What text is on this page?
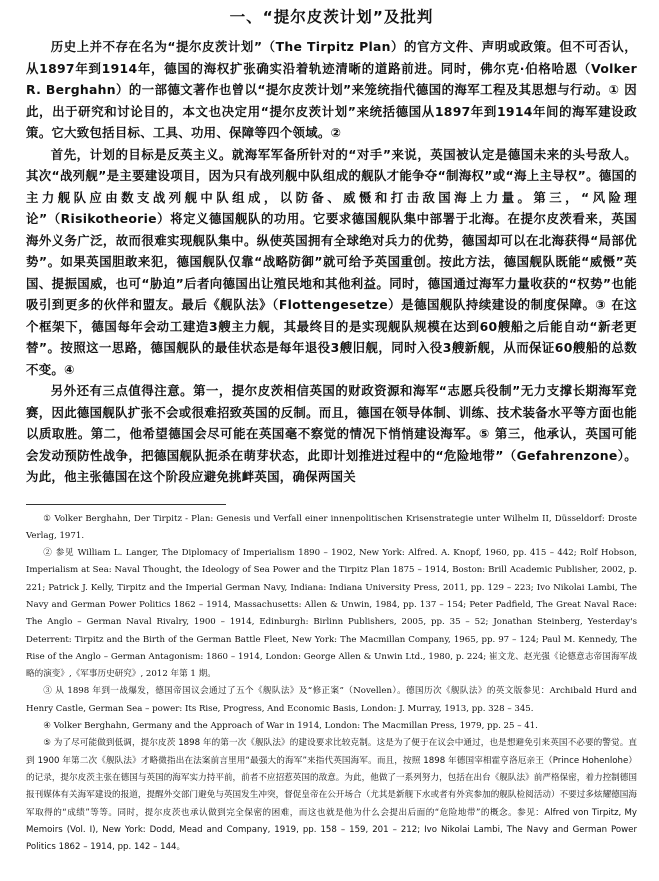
一、“提尔皮茨计划”及批判

历史上并不存在名为“提尔皮茨计划”（The Tirpitz Plan）的官方文件、声明或政策。但不可否认，从1897年到1914年，德国的海权扩张确实沿着轨迹清晰的道路前进。同时，佛尔克·伯格哈恩（Volker R. Berghahn）的一部德文著作也曾以“提尔皮茨计划”来笼统指代德国的海军工程及其思想与行动。① 因此，出于研究和讨论目的，本文也决定用“提尔皮茨计划”来统括德国从1897年到1914年间的海军建设政策。它大致包括目标、工具、功用、保障等四个领域。②

首先，计划的目标是反英主义。就海军军备所针对的“对手”来说，英国被认定是德国未来的头号敌人。其次“战列舰”是主要建设项目，因为只有战列舰中队组成的舰队才能争夺“制海权”或“海上主导权”。德国的主力舰队应由数支战列舰中队组成，以防备、威慑和打击敌国海上力量。第三，“风险理论”（Risikotheorie）将定义德国舰队的功用。它要求德国舰队集中部署于北海。在提尔皮茨看来，英国海外义务广泛，故而很难实现舰队集中。纵使英国拥有全球绝对兵力的优势，德国却可以在北海获得“局部优势”。如果英国胆敢来犯，德国舰队仅靠“战略防御”就可给予英国重创。按此方法，德国舰队既能“威慑”英国、提振国威，也可“胁迫”后者向德国出让殖民地和其他利益。同时，德国通过海军力量收获的“权势”也能吸引到更多的伙伴和盟友。最后《舰队法》（Flottengesetze）是德国舰队持续建设的制度保障。③ 在这个框架下，德国每年会动工建造3艘主力舰，其最终目的是实现舰队规模在达到60艘船之后能自动“新老更替”。按照这一思路，德国舰队的最佳状态是每年退役3艘旧舰，同时入役3艘新舰，从而保证60艘船的总数不变。④

另外还有三点值得注意。第一，提尔皮茨相信英国的财政资源和海军“志愿兵役制”无力支撑长期海军竞赛，因此德国舰队扩张不会或很难招致英国的反制。而且，德国在领导体制、训练、技术装备水平等方面也能以质取胜。第二，他希望德国会尽可能在英国毫不察觉的情况下悄悄建设海军。⑤ 第三，他承认，英国可能会发动预防性战争，把德国舰队扼杀在萌芽状态，此即计划推进过程中的“危险地带”（Gefahrenzone）。为此，他主张德国在这个阶段应避免挑衅英国，确保两国关

① Volker Berghahn, Der Tirpitz - Plan: Genesis und Verfall einer innenpolitischen Krisenstrategie unter Wilhelm II, Düsseldorf: Droste Verlag, 1971.

② 参见 William L. Langer, The Diplomacy of Imperialism 1890 – 1902, New York: Alfred. A. Knopf, 1960, pp. 415 – 442; Rolf Hobson, Imperialism at Sea: Naval Thought, the Ideology of Sea Power and the Tirpitz Plan 1875 – 1914, Boston: Brill Academic Publisher, 2002, p. 221; Patrick J. Kelly, Tirpitz and the Imperial German Navy, Indiana: Indiana University Press, 2011, pp. 129 – 223; Ivo Nikolai Lambi, The Navy and German Power Politics 1862 – 1914, Massachusetts: Allen & Unwin, 1984, pp. 137 – 154; Peter Padfield, The Great Naval Race: The Anglo – German Naval Rivalry, 1900 – 1914, Edinburgh: Birlinn Publishers, 2005, pp. 35 – 52; Jonathan Steinberg, Yesterday's Deterrent: Tirpitz and the Birth of the German Battle Fleet, New York: The Macmillan Company, 1965, pp. 97 – 124; Paul M. Kennedy, The Rise of the Anglo – German Antagonism: 1860 – 1914, London: George Allen & Unwin Ltd., 1980, p. 224; 崔文龙、赵光强《论德意志帝国海军战略的演变》,《军事历史研究》, 2012 年第 1 期。

③ 从 1898 年到一战爆发，德国帝国议会通过了五个《舰队法》及“修正案”（Novellen）。德国历次《舰队法》的英文版参见：Archibald Hurd and Henry Castle, German Sea – power: Its Rise, Progress, And Economic Basis, London: J. Murray, 1913, pp. 328 – 345.

④ Volker Berghahn, Germany and the Approach of War in 1914, London: The Macmillan Press, 1979, pp. 25 – 41.

⑤ 为了尽可能做到低调，提尔皮茨 1898 年的第一次《舰队法》的建设要求比较克制。这是为了便于在议会中通过，也是想避免引来英国不必要的警觉。直到 1900 年第二次《舰队法》才略微指出在法案前言里用“最强大的海军”来指代英国海军。而且，按照 1898 年德国宰相霍亨洛厄亲王（Prince Hohenlohe）的记录，提尔皮茨主张在德国与英国的海军实力持平前，前者不应招惹英国的敌意。为此，他做了一系列努力，包括在出台《舰队法》前严格保密，着力控制德国报刊媒体有关海军建设的报道，提醒外交部门避免与英国发生冲突，督促皇帝在公开场合（尤其是新舰下水或者有外宾参加的舰队检阅活动）不要过多炫耀德国海军取得的“成绩”等等。同时，提尔皮茨也承认做到完全保密的困难，而这也就是他为什么会提出后面的“危险地带”的概念。参见：Alfred von Tirpitz, My Memoirs (Vol. I), New York: Dodd, Mead and Company, 1919, pp. 158 – 159, 201 – 212; Ivo Nikolai Lambi, The Navy and German Power Politics 1862 – 1914, pp. 142 – 144。
